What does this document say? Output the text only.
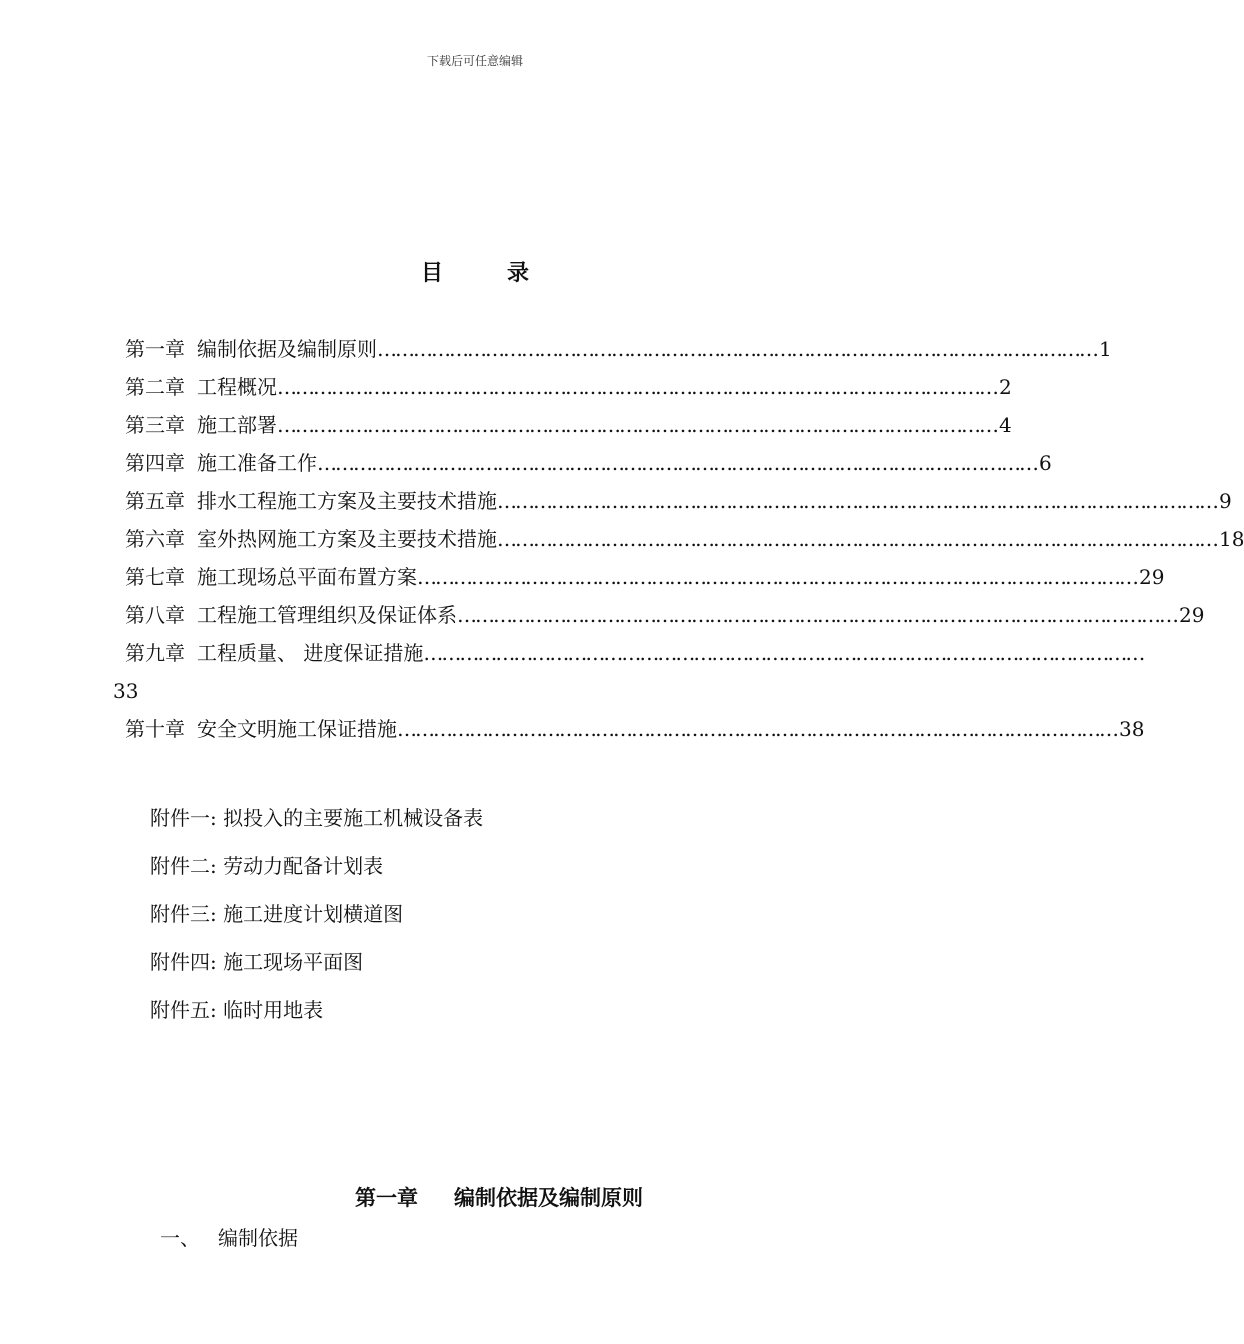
下载后可任意编辑
目	录
第一章 编制依据及编制原则 ………………………………………………………………………………………………………… 1
第二章 工程概况 ………………………………………………………………………………………………………… 2
第三章 施工部署 ………………………………………………………………………………………………………… 4
第四章 施工准备工作 ………………………………………………………………………………………………………… 6
第五章 排水工程施工方案及主要技术措施 ………………………………………………………………………………………………………… 9
第六章 室外热网施工方案及主要技术措施 ………………………………………………………………………………………………………… 18
第七章 施工现场总平面布置方案 ………………………………………………………………………………………………………… 29
第八章 工程施工管理组织及保证体系 ………………………………………………………………………………………………………… 29
第九章 工程质量、 进度保证措施 …………………………………………………………………………………………………………
33
第十章 安全文明施工保证措施 ………………………………………………………………………………………………………… 38
附件一: 拟投入的主要施工机械设备表
附件二: 劳动力配备计划表
附件三: 施工进度计划横道图
附件四: 施工现场平面图
附件五: 临时用地表
第一章 编制依据及编制原则
一、 编制依据
